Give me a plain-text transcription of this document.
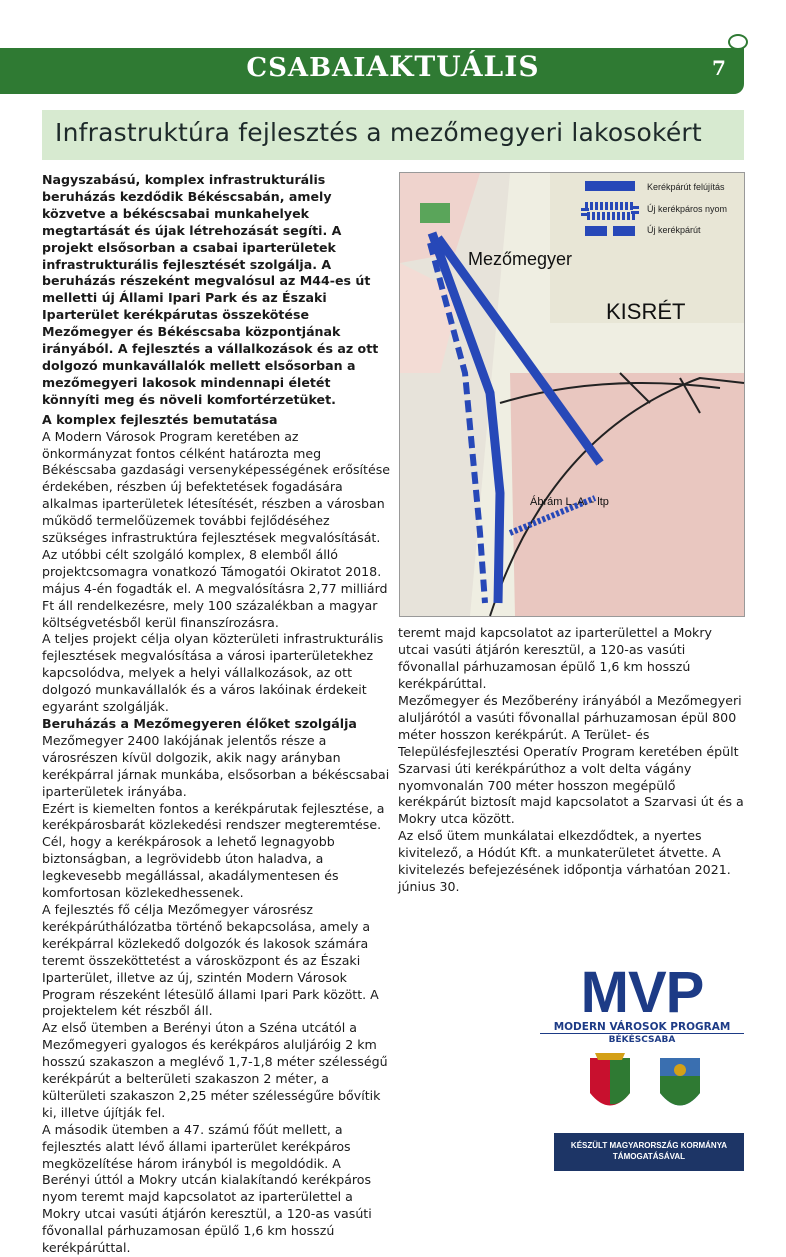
CSABAIAKTUÁLIS	7
Infrastruktúra fejlesztés a mezőmegyeri lakosokért

Nagyszabású, komplex infrastrukturális beruházás kezdődik Békéscsabán, amely közvetve a békéscsabai munkahelyek megtartását és újak létrehozását segíti. A projekt elsősorban a csabai iparterületek infrastrukturális fejlesztését szolgálja. A beruházás részeként megvalósul az M44-es út melletti új Állami Ipari Park és az Északi Iparterület kerékpárutas összekötése Mezőmegyer és Békéscsaba központjának irányából. A fejlesztés a vállalkozások és az ott dolgozó munkavállalók mellett elsősorban a mezőmegyeri lakosok mindennapi életét könnyíti meg és növeli komfortérzetüket.

A komplex fejlesztés bemutatása

A Modern Városok Program keretében az önkormányzat fontos célként határozta meg Békéscsaba gazdasági versenyképességének erősítése érdekében, részben új befektetések fogadására alkalmas iparterületek létesítését, részben a városban működő termelőüzemek további fejlődéséhez szükséges infrastruktúra fejlesztések megvalósítását. Az utóbbi célt szolgáló komplex, 8 elemből álló projektcsomagra vonatkozó Támogatói Okiratot 2018. május 4-én fogadták el. A megvalósításra 2,77 milliárd Ft áll rendelkezésre, mely 100 százalékban a magyar költségvetésből kerül finanszírozásra.

A teljes projekt célja olyan közterületi infrastrukturális fejlesztések megvalósítása a városi iparterületekhez kapcsolódva, melyek a helyi vállalkozások, az ott dolgozó munkavállalók és a város lakóinak érdekeit egyaránt szolgálják.

Beruházás a Mezőmegyeren élőket szolgálja

Mezőmegyer 2400 lakójának jelentős része a városrészen kívül dolgozik, akik nagy arányban kerékpárral járnak munkába, elsősorban a békéscsabai iparterületek irányába.

Ezért is kiemelten fontos a kerékpárutak fejlesztése, a kerékpárosbarát közlekedési rendszer megteremtése. Cél, hogy a kerékpárosok a lehető legnagyobb biztonságban, a legrövidebb úton haladva, a legkevesebb megállással, akadálymentesen és komfortosan közlekedhessenek.

A fejlesztés fő célja Mezőmegyer városrész kerékpárúthálózatba történő bekapcsolása, amely a kerékpárral közlekedő dolgozók és lakosok számára teremt összeköttetést a városközpont és az Északi Iparterület, illetve az új, szintén Modern Városok Program részeként létesülő állami Ipari Park között. A projektelem két részből áll.

Az első ütemben a Berényi úton a Széna utcától a Mezőmegyeri gyalogos és kerékpáros aluljáróig 2 km hosszú szakaszon a meglévő 1,7-1,8 méter szélességű kerékpárút a belterületi szakaszon 2 méter, a külterületi szakaszon 2,25 méter szélességűre bővítik ki, illetve újítják fel.

A második ütemben a 47. számú főút mellett, a fejlesztés alatt lévő állami iparterület kerékpáros megközelítése három irányból is megoldódik. A Berényi úttól a Mokry utcán kialakítandó kerékpáros nyom teremt majd kapcsolatot az iparterülettel a Mokry utcai vasúti átjárón keresztül, a 120-as vasúti fővonallal párhuzamosan épülő 1,6 km hosszú kerékpárúttal.

teremt majd kapcsolatot az iparterülettel a Mokry utcai vasúti átjárón keresztül, a 120-as vasúti fővonallal párhuzamosan épülő 1,6 km hosszú kerékpárúttal.

Mezőmegyer és Mezőberény irányából a Mezőmegyeri aluljárótól a vasúti fővonallal párhuzamosan épül 800 méter hosszon kerékpárút. A Terület- és Településfejlesztési Operatív Program keretében épült Szarvasi úti kerékpárúthoz a volt delta vágány nyomvonalán 700 méter hosszon megépülő kerékpárút biztosít majd kapcsolatot a Szarvasi út és a Mokry utca között.

Az első ütem munkálatai elkezdődtek, a nyertes kivitelező, a Hódút Kft. a munkaterületet átvette. A kivitelezés befejezésének időpontja várhatóan 2021. június 30.

Kerékpárút felújítás
Új kerékpáros nyom
Új kerékpárút
Mezőmegyer
KISRÉT
Ábrám L. A. - ltp
MVP
MODERN VÁROSOK PROGRAM
BÉKÉSCSABA
KÉSZÜLT MAGYARORSZÁG KORMÁNYA
TÁMOGATÁSÁVAL
